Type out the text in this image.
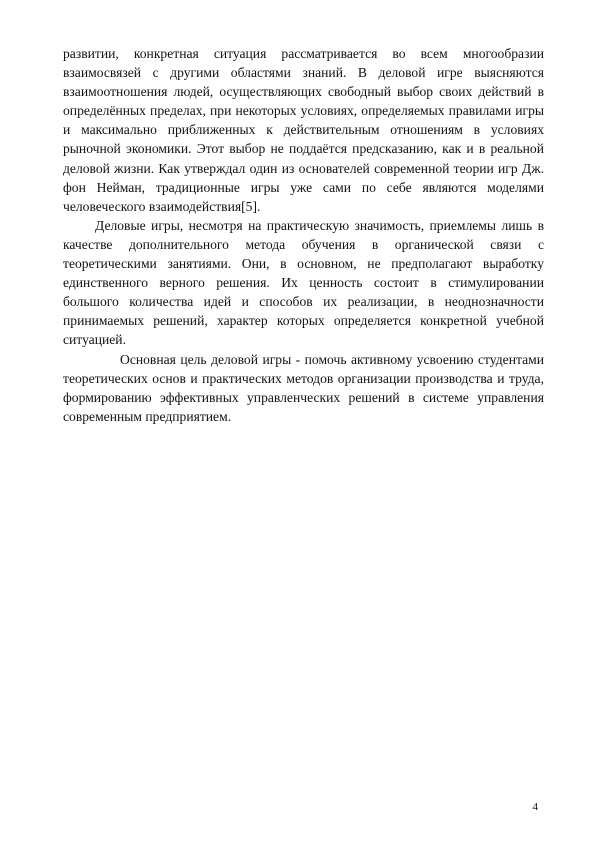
развитии, конкретная ситуация рассматривается во всем многообразии взаимосвязей с другими областями знаний. В деловой игре выясняются взаимоотношения людей, осуществляющих свободный выбор своих действий в определённых пределах, при некоторых условиях, определяемых правилами игры и максимально приближенных к действительным отношениям в условиях рыночной экономики. Этот выбор не поддаётся предсказанию, как и в реальной деловой жизни. Как утверждал один из основателей современной теории игр Дж. фон Нейман, традиционные игры уже сами по себе являются моделями человеческого взаимодействия[5].

Деловые игры, несмотря на практическую значимость, приемлемы лишь в качестве дополнительного метода обучения в органической связи с теоретическими занятиями. Они, в основном, не предполагают выработку единственного верного решения. Их ценность состоит в стимулировании большого количества идей и способов их реализации, в неоднозначности принимаемых решений, характер которых определяется конкретной учебной ситуацией.

Основная цель деловой игры - помочь активному усвоению студентами теоретических основ и практических методов организации производства и труда, формированию эффективных управленческих решений в системе управления современным предприятием.

4
